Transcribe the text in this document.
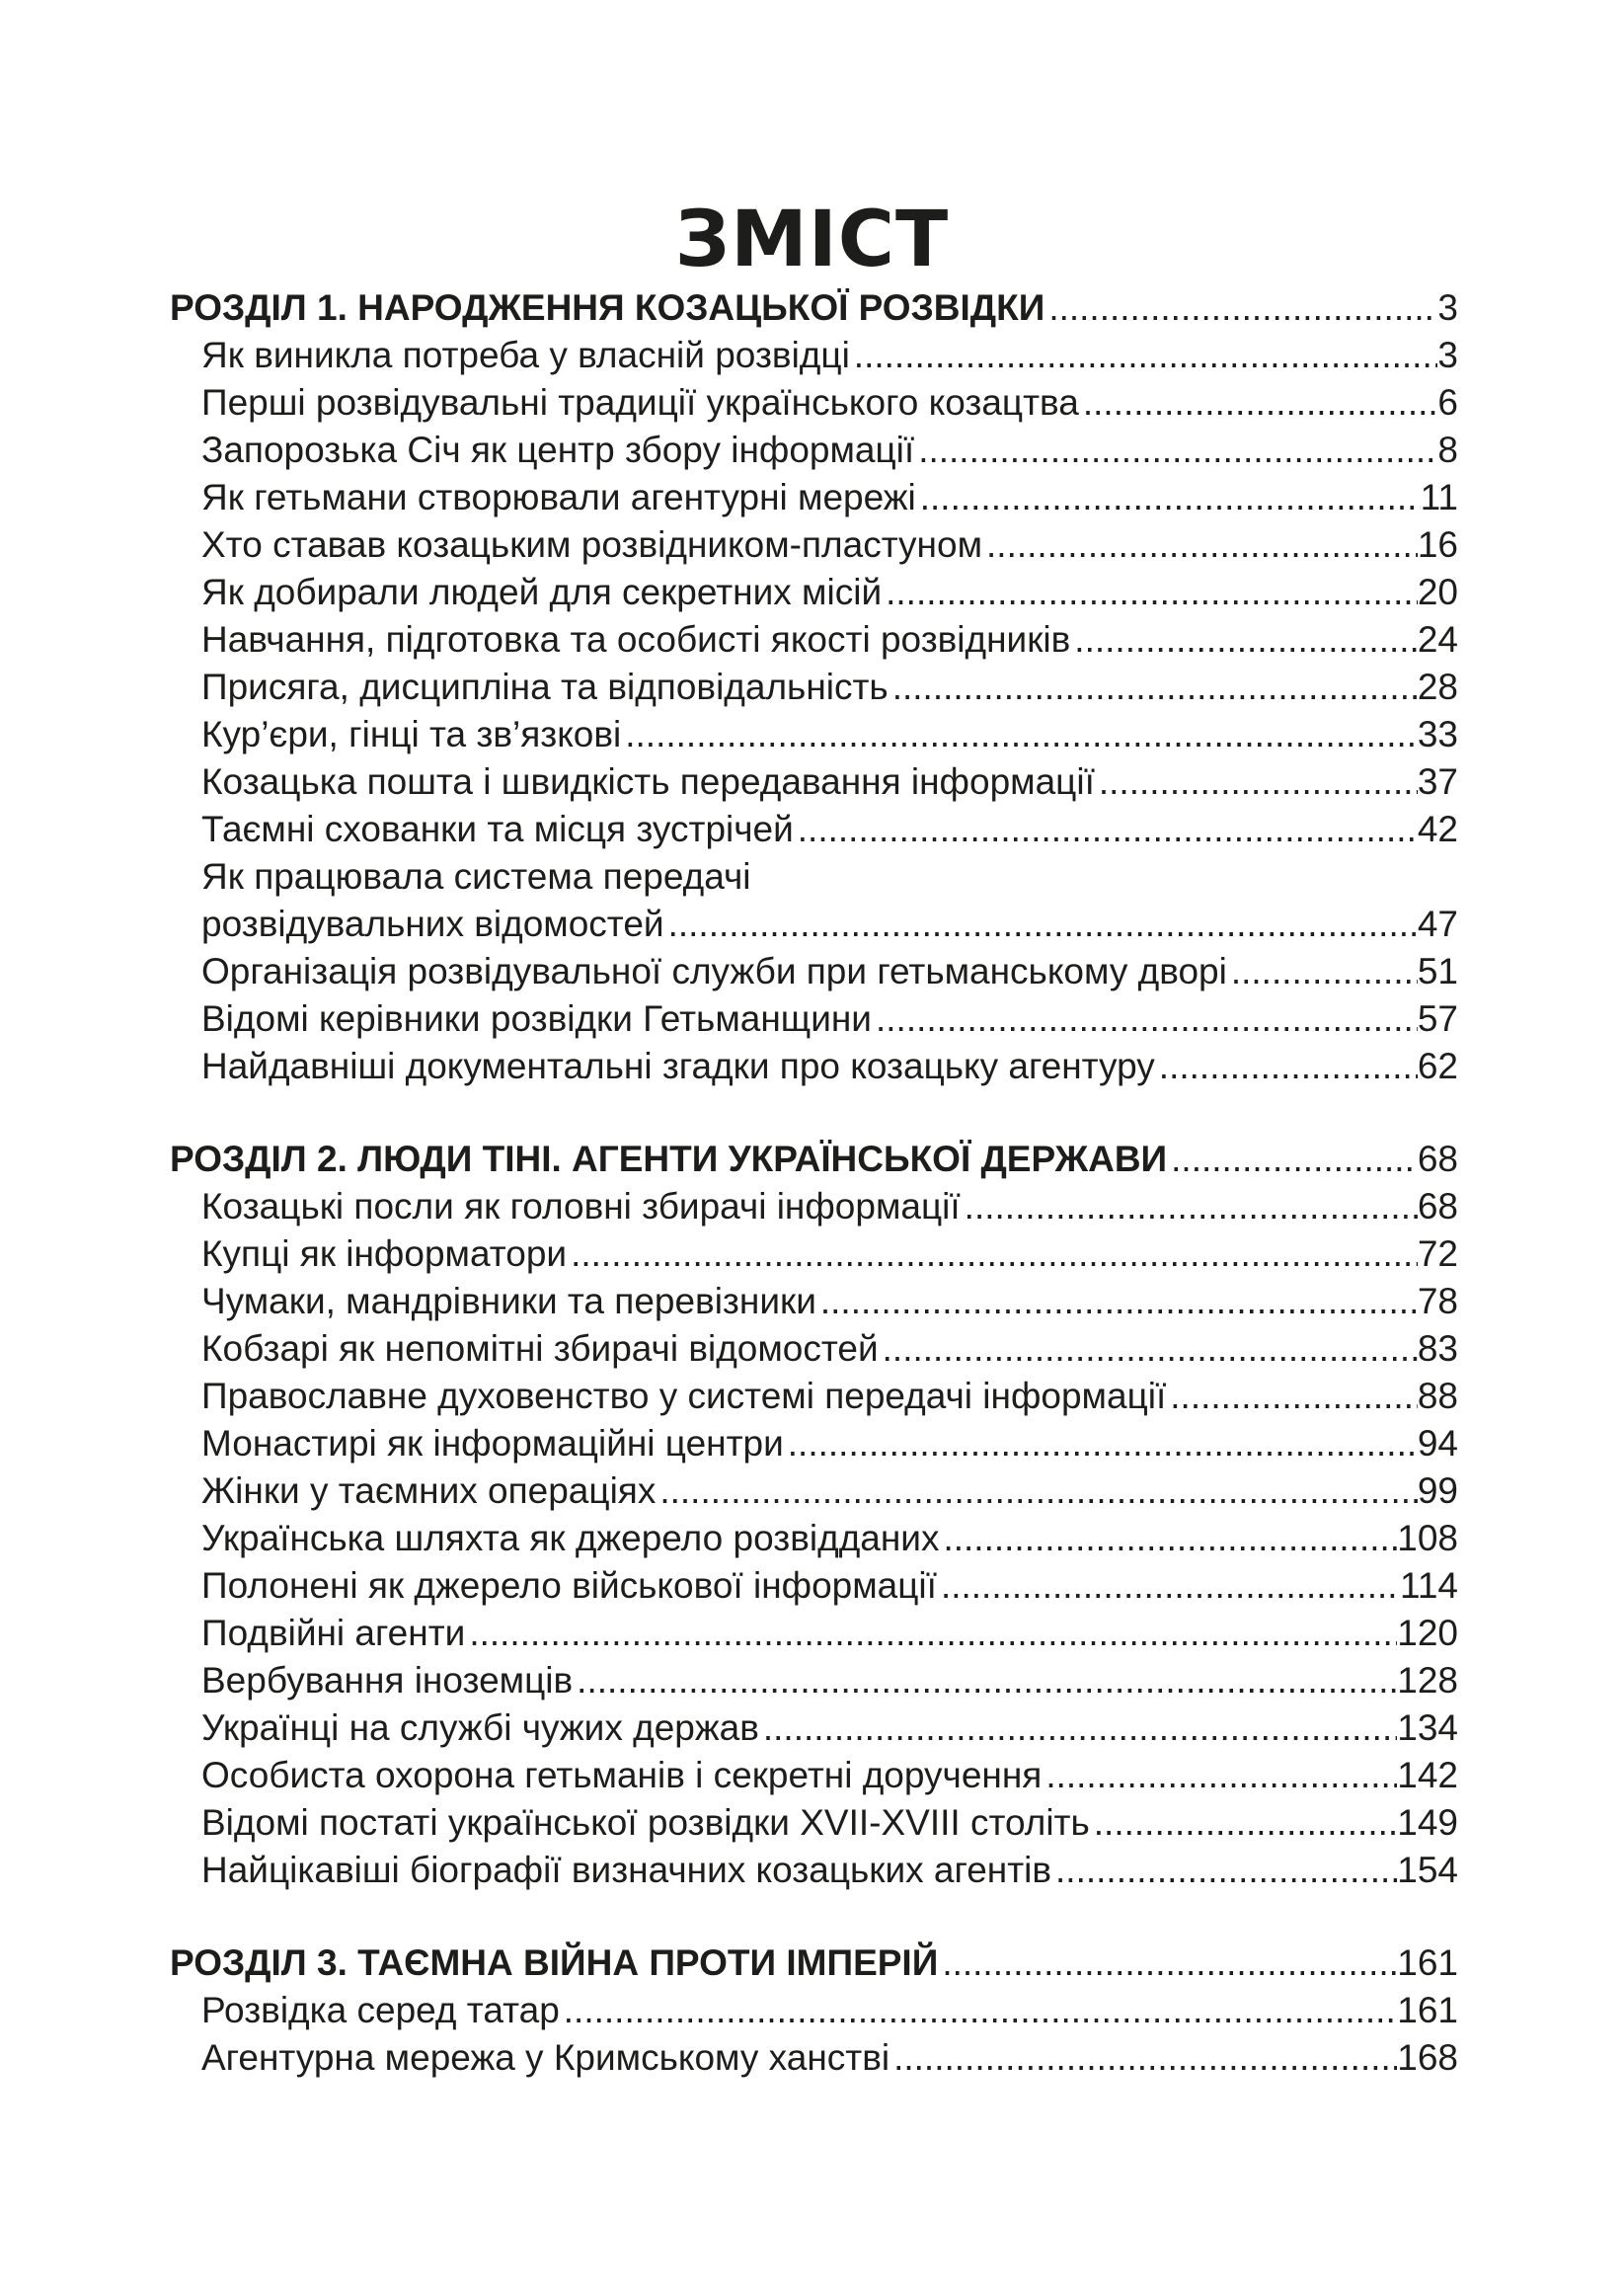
ЗМІСТ
РОЗДІЛ 1. НАРОДЖЕННЯ КОЗАЦЬКОЇ РОЗВІДКИ .....	3
Як виникла потреба у власній розвідці .....	3
Перші розвідувальні традиції українського козацтва .....	6
Запорозька Січ як центр збору інформації .....	8
Як гетьмани створювали агентурні мережі .....	11
Хто ставав козацьким розвідником-пластуном .....	16
Як добирали людей для секретних місій .....	20
Навчання, підготовка та особисті якості розвідників .....	24
Присяга, дисципліна та відповідальність .....	28
Кур’єри, гінці та зв’язкові .....	33
Козацька пошта і швидкість передавання інформації .....	37
Таємні схованки та місця зустрічей .....	42
Як працювала система передачі
розвідувальних відомостей .....	47
Організація розвідувальної служби при гетьманському дворі .....	51
Відомі керівники розвідки Гетьманщини .....	57
Найдавніші документальні згадки про козацьку агентуру .....	62
РОЗДІЛ 2. ЛЮДИ ТІНІ. АГЕНТИ УКРАЇНСЬКОЇ ДЕРЖАВИ .....	68
Козацькі посли як головні збирачі інформації .....	68
Купці як інформатори .....	72
Чумаки, мандрівники та перевізники .....	78
Кобзарі як непомітні збирачі відомостей .....	83
Православне духовенство у системі передачі інформації .....	88
Монастирі як інформаційні центри .....	94
Жінки у таємних операціях .....	99
Українська шляхта як джерело розвідданих .....	108
Полонені як джерело військової інформації .....	114
Подвійні агенти .....	120
Вербування іноземців .....	128
Українці на службі чужих держав .....	134
Особиста охорона гетьманів і секретні доручення .....	142
Відомі постаті української розвідки XVII-XVIII століть .....	149
Найцікавіші біографії визначних козацьких агентів .....	154
РОЗДІЛ 3. ТАЄМНА ВІЙНА ПРОТИ ІМПЕРІЙ .....	161
Розвідка серед татар .....	161
Агентурна мережа у Кримському ханстві .....	168
